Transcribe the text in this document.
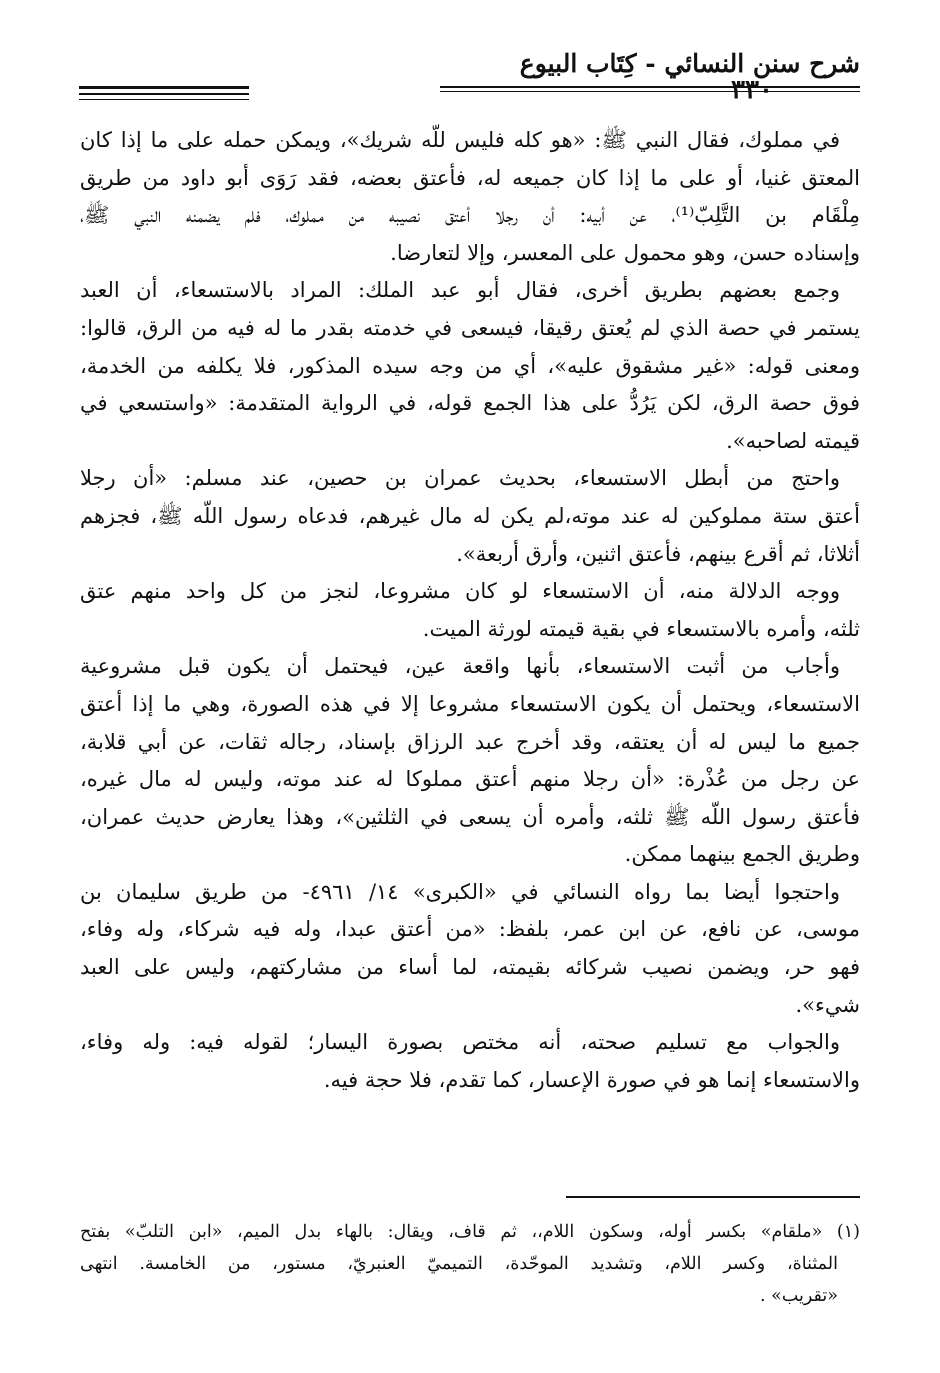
شرح سنن النسائي - كِتَاب البيوع
٣٣٠
في مملوك، فقال النبي ﷺ: «هو كله فليس للّه شريك»، ويمكن حمله على ما إذا كان
المعتق غنيا، أو على ما إذا كان جميعه له، فأعتق بعضه، فقد رَوَى أبو داود من طريق
مِلْقَام بن التَّلِبّ⁽¹⁾، عن أبيه: أن رجلا أعتق نصيبه من مملوك، فلم يضمنه النبي ﷺ،
وإسناده حسن، وهو محمول على المعسر، وإلا لتعارضا.
وجمع بعضهم بطريق أخرى، فقال أبو عبد الملك: المراد بالاستسعاء، أن العبد
يستمر في حصة الذي لم يُعتق رقيقا، فيسعى في خدمته بقدر ما له فيه من الرق، قالوا:
ومعنى قوله: «غير مشقوق عليه»، أي من وجه سيده المذكور، فلا يكلفه من الخدمة،
فوق حصة الرق، لكن يَرُدُّ على هذا الجمع قوله، في الرواية المتقدمة: «واستسعي في
قيمته لصاحبه».
واحتج من أبطل الاستسعاء، بحديث عمران بن حصين، عند مسلم: «أن رجلا
أعتق ستة مملوكين له عند موته،لم يكن له مال غيرهم، فدعاه رسول اللّه ﷺ، فجزهم
أثلاثا، ثم أقرع بينهم، فأعتق اثنين، وأرق أربعة».
ووجه الدلالة منه، أن الاستسعاء لو كان مشروعا، لنجز من كل واحد منهم عتق
ثلثه، وأمره بالاستسعاء في بقية قيمته لورثة الميت.
وأجاب من أثبت الاستسعاء، بأنها واقعة عين، فيحتمل أن يكون قبل مشروعية
الاستسعاء، ويحتمل أن يكون الاستسعاء مشروعا إلا في هذه الصورة، وهي ما إذا أعتق
جميع ما ليس له أن يعتقه، وقد أخرج عبد الرزاق بإسناد، رجاله ثقات، عن أبي قلابة،
عن رجل من عُذْرة: «أن رجلا منهم أعتق مملوكا له عند موته، وليس له مال غيره،
فأعتق رسول اللّه ﷺ ثلثه، وأمره أن يسعى في الثلثين»، وهذا يعارض حديث عمران،
وطريق الجمع بينهما ممكن.
واحتجوا أيضا بما رواه النسائي في «الكبرى» ١٤/ ٤٩٦١- من طريق سليمان بن
موسى، عن نافع، عن ابن عمر، بلفظ: «من أعتق عبدا، وله فيه شركاء، وله وفاء،
فهو حر، ويضمن نصيب شركائه بقيمته، لما أساء من مشاركتهم، وليس على العبد
شيء».
والجواب مع تسليم صحته، أنه مختص بصورة اليسار؛ لقوله فيه: وله وفاء،
والاستسعاء إنما هو في صورة الإعسار، كما تقدم، فلا حجة فيه.
(١) «ملقام» بكسر أوله، وسكون اللام،، ثم قاف، ويقال: بالهاء بدل الميم، «ابن التلبّ» بفتح
المثناة، وكسر اللام، وتشديد الموحّدة، التميميّ العنبريّ، مستور، من الخامسة. انتهى
«تقريب» .
